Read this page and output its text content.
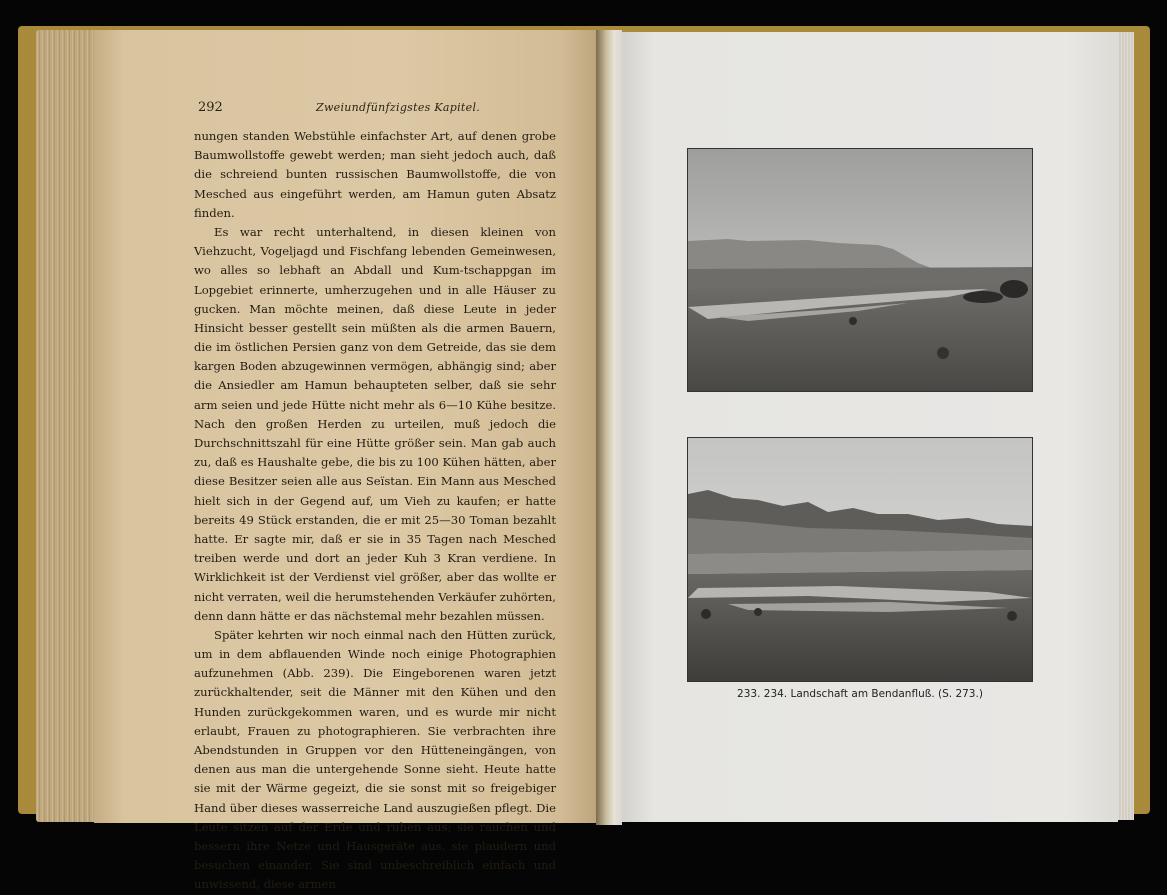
292	Zweiundfünfzigstes Kapitel.

nungen standen Webstühle einfachster Art, auf denen grobe Baumwollstoffe gewebt werden; man sieht jedoch auch, daß die schreiend bunten russischen Baumwollstoffe, die von Mesched aus eingeführt werden, am Hamun guten Absatz finden.

Es war recht unterhaltend, in diesen kleinen von Viehzucht, Vogeljagd und Fischfang lebenden Gemeinwesen, wo alles so lebhaft an Abdall und Kum-tschappgan im Lopgebiet erinnerte, umherzugehen und in alle Häuser zu gucken. Man möchte meinen, daß diese Leute in jeder Hinsicht besser gestellt sein müßten als die armen Bauern, die im östlichen Persien ganz von dem Getreide, das sie dem kargen Boden abzugewinnen vermögen, abhängig sind; aber die Ansiedler am Hamun behaupteten selber, daß sie sehr arm seien und jede Hütte nicht mehr als 6—10 Kühe besitze. Nach den großen Herden zu urteilen, muß jedoch die Durchschnittszahl für eine Hütte größer sein. Man gab auch zu, daß es Haushalte gebe, die bis zu 100 Kühen hätten, aber diese Besitzer seien alle aus Seïstan. Ein Mann aus Mesched hielt sich in der Gegend auf, um Vieh zu kaufen; er hatte bereits 49 Stück erstanden, die er mit 25—30 Toman bezahlt hatte. Er sagte mir, daß er sie in 35 Tagen nach Mesched treiben werde und dort an jeder Kuh 3 Kran verdiene. In Wirklichkeit ist der Verdienst viel größer, aber das wollte er nicht verraten, weil die herumstehenden Verkäufer zuhörten, denn dann hätte er das nächstemal mehr bezahlen müssen.

Später kehrten wir noch einmal nach den Hütten zurück, um in dem abflauenden Winde noch einige Photographien aufzunehmen (Abb. 239). Die Eingeborenen waren jetzt zurückhaltender, seit die Männer mit den Kühen und den Hunden zurückgekommen waren, und es wurde mir nicht erlaubt, Frauen zu photographieren. Sie verbrachten ihre Abendstunden in Gruppen vor den Hütteneingängen, von denen aus man die untergehende Sonne sieht. Heute hatte sie mit der Wärme gegeizt, die sie sonst mit so freigebiger Hand über dieses wasserreiche Land auszugießen pflegt. Die Leute sitzen auf der Erde und ruhen aus; sie rauchen und bessern ihre Netze und Hausgeräte aus, sie plaudern und besuchen einander. Sie sind unbeschreiblich einfach und unwissend, diese armen

233. 234. Landschaft am Bendanfluß. (S. 273.)
